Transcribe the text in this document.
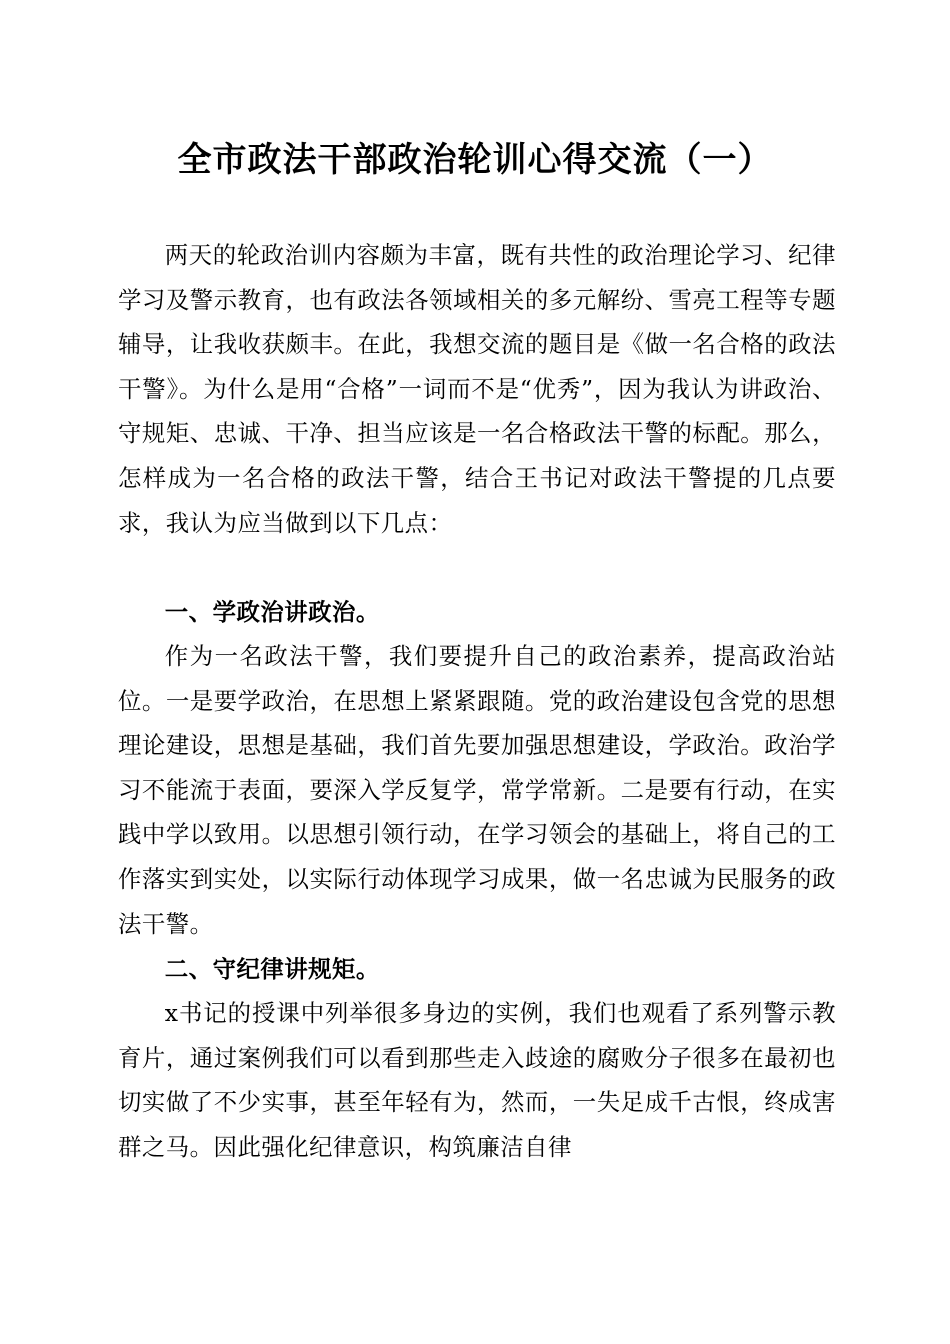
全市政法干部政治轮训心得交流（一）

两天的轮政治训内容颇为丰富，既有共性的政治理论学习、纪律学习及警示教育，也有政法各领域相关的多元解纷、雪亮工程等专题辅导，让我收获颇丰。在此，我想交流的题目是《做一名合格的政法干警》。为什么是用“合格”一词而不是“优秀”，因为我认为讲政治、守规矩、忠诚、干净、担当应该是一名合格政法干警的标配。那么，怎样成为一名合格的政法干警，结合王书记对政法干警提的几点要求，我认为应当做到以下几点：

一、学政治讲政治。

作为一名政法干警，我们要提升自己的政治素养，提高政治站位。一是要学政治，在思想上紧紧跟随。党的政治建设包含党的思想理论建设，思想是基础，我们首先要加强思想建设，学政治。政治学习不能流于表面，要深入学反复学，常学常新。二是要有行动，在实践中学以致用。以思想引领行动，在学习领会的基础上，将自己的工作落实到实处，以实际行动体现学习成果，做一名忠诚为民服务的政法干警。

二、守纪律讲规矩。

x书记的授课中列举很多身边的实例，我们也观看了系列警示教育片，通过案例我们可以看到那些走入歧途的腐败分子很多在最初也切实做了不少实事，甚至年轻有为，然而，一失足成千古恨，终成害群之马。因此强化纪律意识，构筑廉洁自律
